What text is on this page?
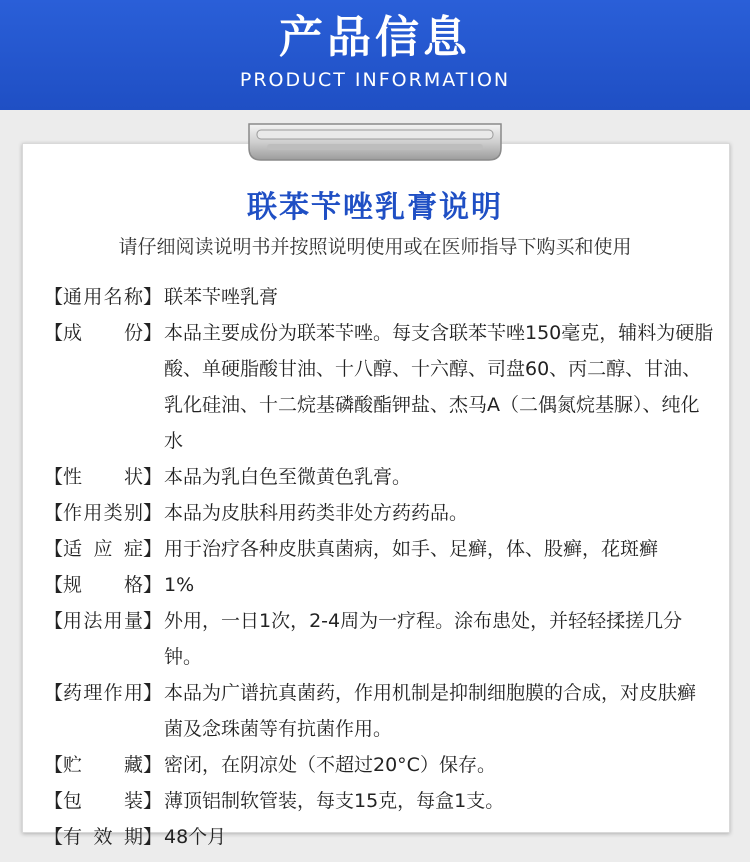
产品信息
PRODUCT INFORMATION
联苯苄唑乳膏说明
请仔细阅读说明书并按照说明使用或在医师指导下购买和使用
【 通 用 名 称 】 联苯苄唑乳膏
【 成 份 】 本品主要成份为联苯苄唑。每支含联苯苄唑150毫克，辅料为硬脂酸、单硬脂酸甘油、十八醇、十六醇、司盘60、丙二醇、甘油、乳化硅油、十二烷基磷酸酯钾盐、杰马A（二偶氮烷基脲）、纯化水
【 性 状 】 本品为乳白色至微黄色乳膏。
【 作 用 类 别 】 本品为皮肤科用药类非处方药药品。
【 适 应 症 】 用于治疗各种皮肤真菌病，如手、足癣，体、股癣，花斑癣
【 规 格 】 1%
【 用 法 用 量 】 外用，一日1次，2-4周为一疗程。涂布患处，并轻轻揉搓几分钟。
【 药 理 作 用 】 本品为广谱抗真菌药，作用机制是抑制细胞膜的合成，对皮肤癣菌及念珠菌等有抗菌作用。
【 贮 藏 】 密闭，在阴凉处（不超过20°C）保存。
【 包 装 】 薄顶铝制软管装，每支15克，每盒1支。
【 有 效 期 】 48个月
